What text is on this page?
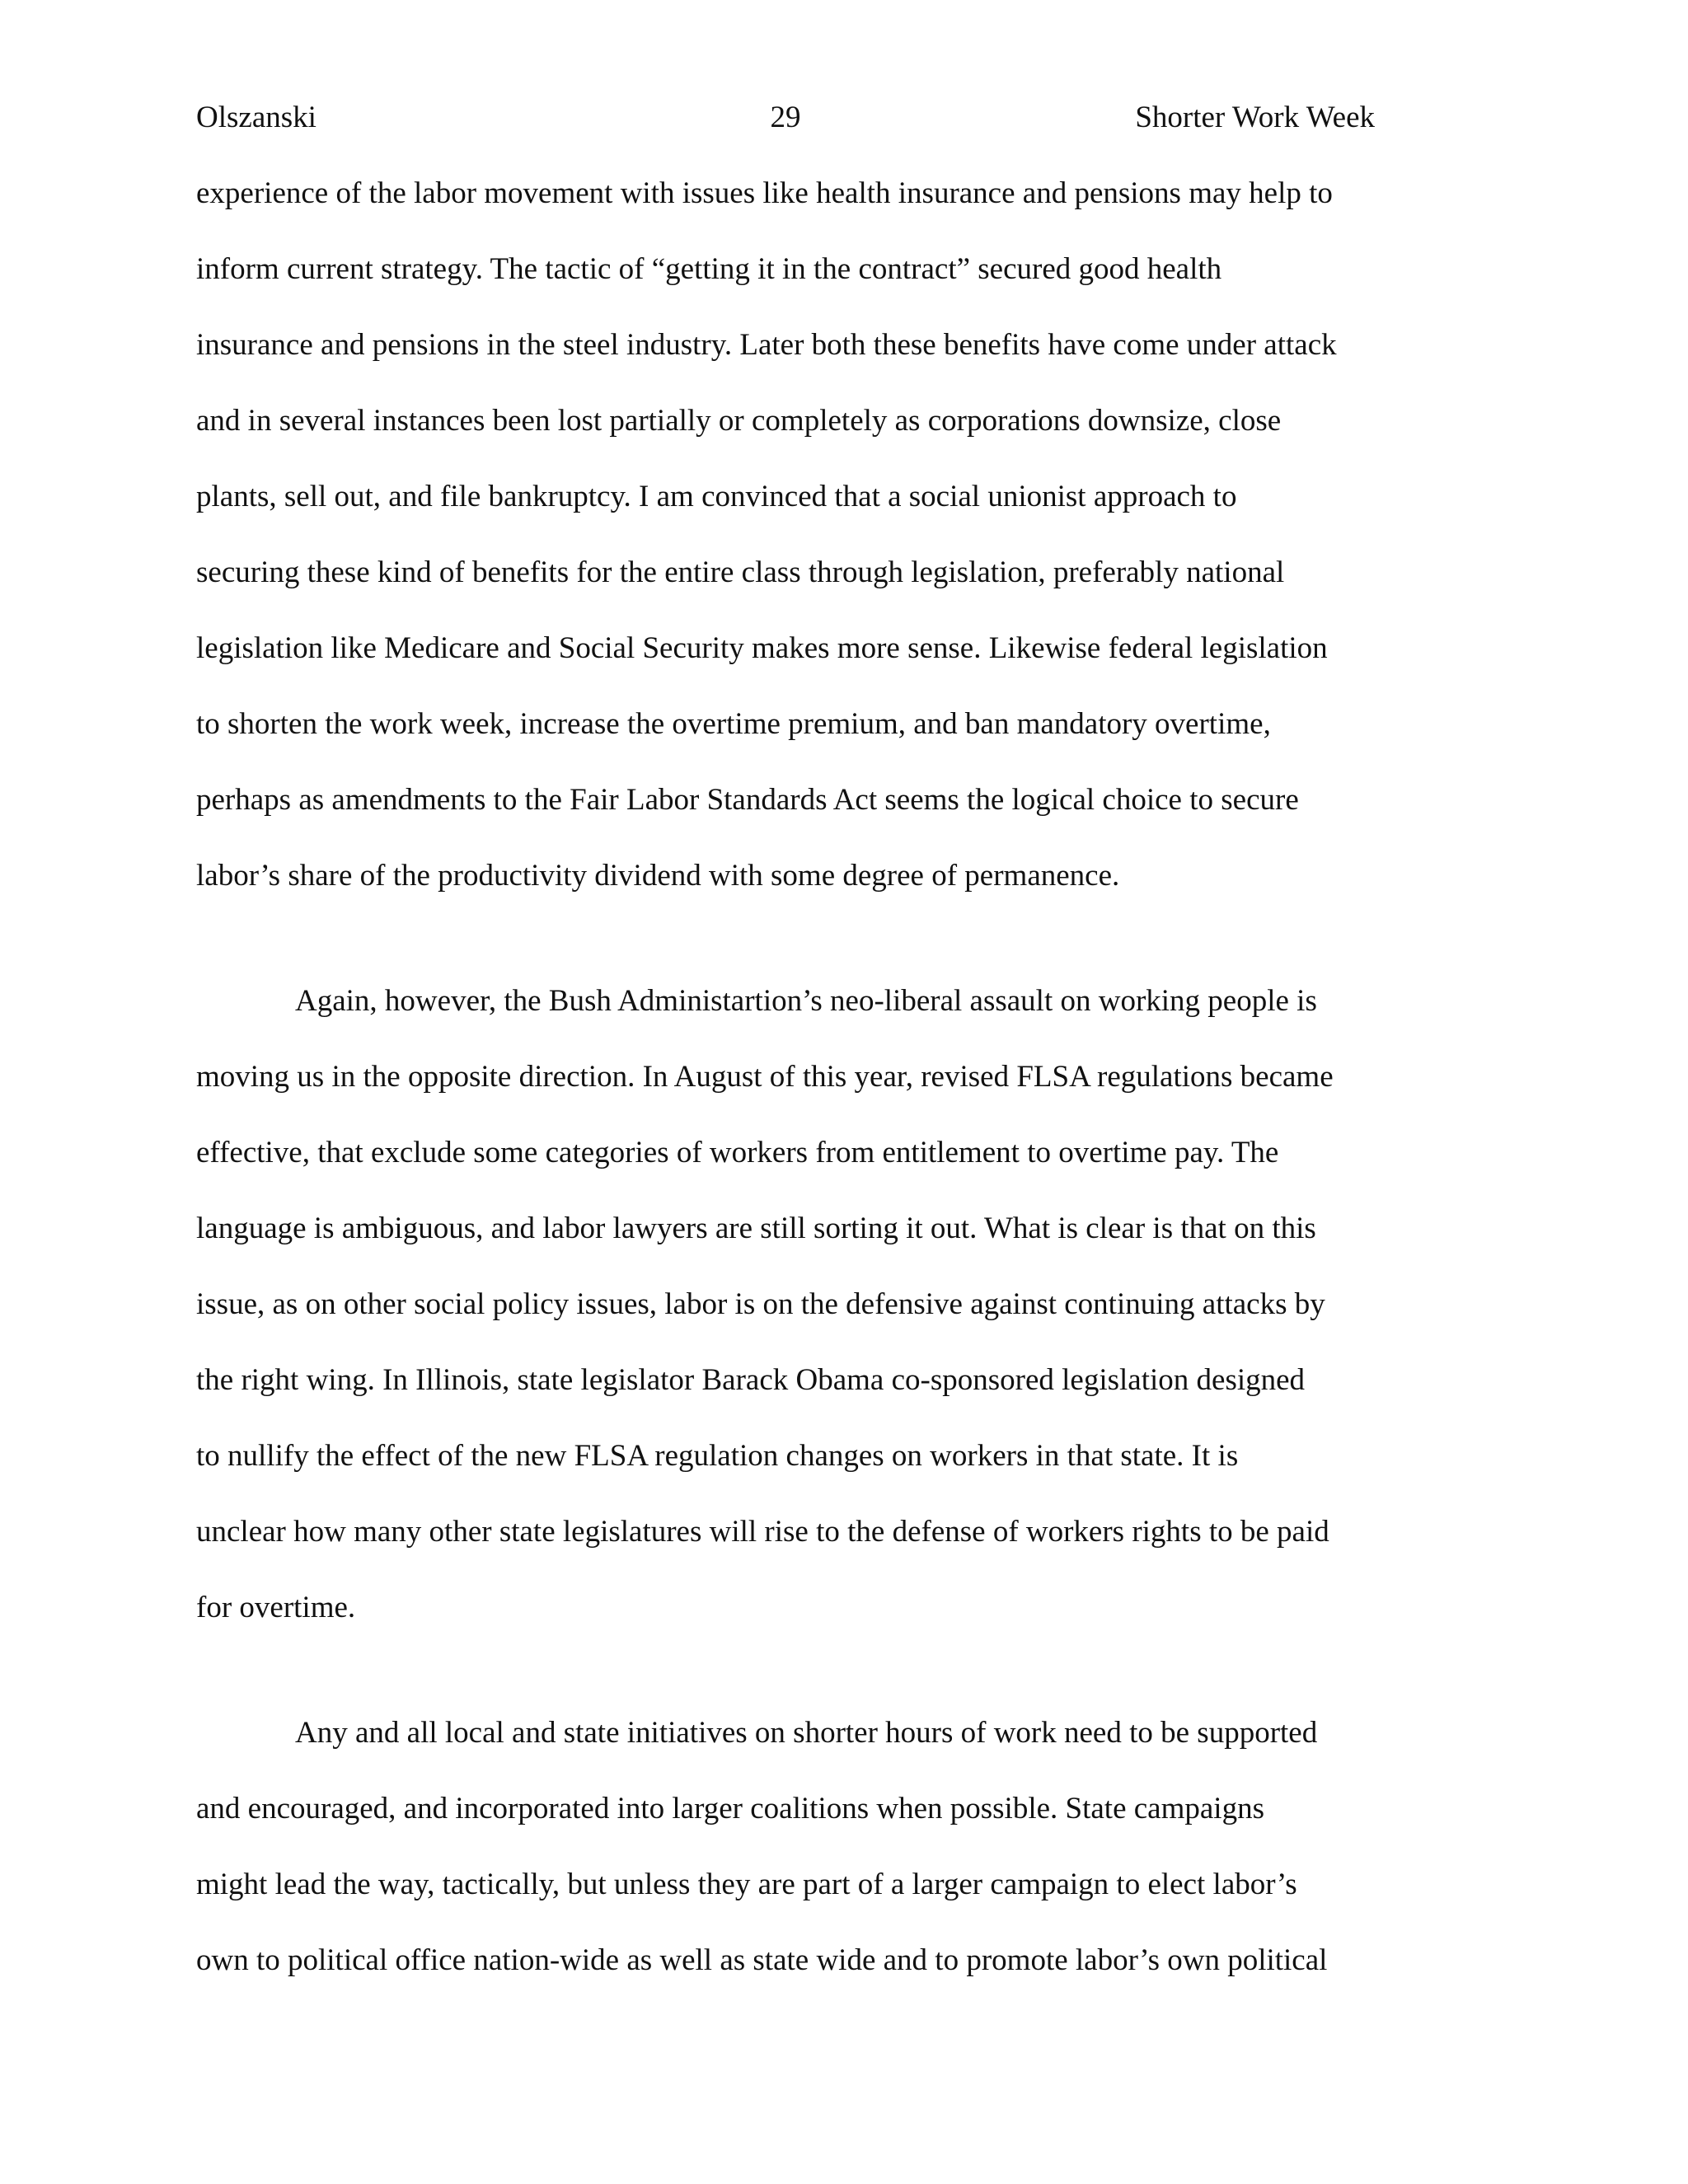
Olszanski	29	Shorter Work Week
experience of the labor movement with issues like health insurance and pensions may help to
inform current strategy. The tactic of “getting it in the contract” secured good health
insurance and pensions in the steel industry. Later both these benefits have come under attack
and in several instances been lost partially or completely as corporations downsize, close
plants, sell out, and file bankruptcy. I am convinced that a social unionist approach to
securing these kind of benefits for the entire class through legislation, preferably national
legislation like Medicare and Social Security makes more sense. Likewise federal legislation
to shorten the work week, increase the overtime premium, and ban mandatory overtime,
perhaps as amendments to the Fair Labor Standards Act seems the logical choice to secure
labor’s share of the productivity dividend with some degree of permanence.
Again, however, the Bush Administartion’s neo-liberal assault on working people is
moving us in the opposite direction. In August of this year, revised FLSA regulations became
effective, that exclude some categories of workers from entitlement to overtime pay. The
language is ambiguous, and labor lawyers are still sorting it out. What is clear is that on this
issue, as on other social policy issues, labor is on the defensive against continuing attacks by
the right wing. In Illinois, state legislator Barack Obama co-sponsored legislation designed
to nullify the effect of the new FLSA regulation changes on workers in that state. It is
unclear how many other state legislatures will rise to the defense of workers rights to be paid
for overtime.
Any and all local and state initiatives on shorter hours of work need to be supported
and encouraged, and incorporated into larger coalitions when possible. State campaigns
might lead the way, tactically, but unless they are part of a larger campaign to elect labor’s
own to political office nation-wide as well as state wide and to promote labor’s own political
